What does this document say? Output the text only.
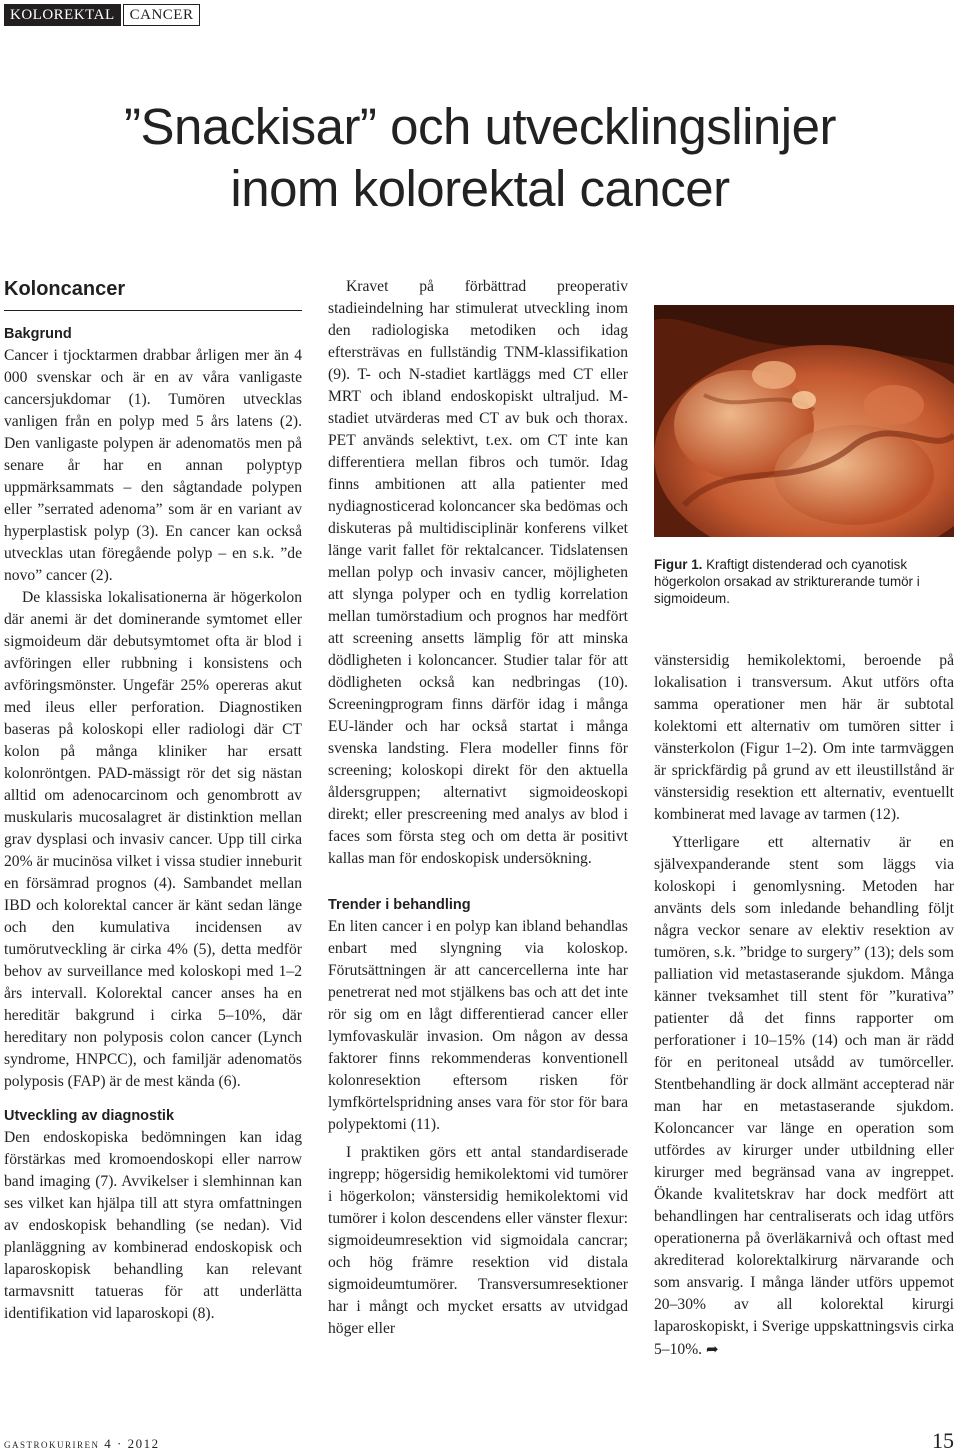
KOLOREKTAL	CANCER
”Snackisar” och utvecklingslinjer
inom kolorektal cancer
Koloncancer

Bakgrund

Cancer i tjocktarmen drabbar årligen mer än 4 000 svenskar och är en av våra vanligaste cancersjukdomar (1). Tumören utvecklas vanligen från en polyp med 5 års latens (2). Den vanligaste polypen är adenomatös men på senare år har en annan polyptyp uppmärksammats – den sågtandade polypen eller ”serrated adenoma” som är en variant av hyperplastisk polyp (3). En cancer kan också utvecklas utan föregående polyp – en s.k. ”de novo” cancer (2).

De klassiska lokalisationerna är högerkolon där anemi är det dominerande symtomet eller sigmoideum där debutsymtomet ofta är blod i avföringen eller rubbning i konsistens och avföringsmönster. Ungefär 25% opereras akut med ileus eller perforation. Diagnostiken baseras på koloskopi eller radiologi där CT kolon på många kliniker har ersatt kolonröntgen. PAD-mässigt rör det sig nästan alltid om adenocarcinom och genombrott av muskularis mucosalagret är distinktion mellan grav dysplasi och invasiv cancer. Upp till cirka 20% är mucinösa vilket i vissa studier inneburit en försämrad prognos (4). Sambandet mellan IBD och kolorektal cancer är känt sedan länge och den kumulativa incidensen av tumörutveckling är cirka 4% (5), detta medför behov av surveillance med koloskopi med 1–2 års intervall. Kolorektal cancer anses ha en hereditär bakgrund i cirka 5–10%, där hereditary non polyposis colon cancer (Lynch syndrome, HNPCC), och familjär adenomatös polyposis (FAP) är de mest kända (6).

Utveckling av diagnostik

Den endoskopiska bedömningen kan idag förstärkas med kromoendoskopi eller narrow band imaging (7). Avvikelser i slemhinnan kan ses vilket kan hjälpa till att styra omfattningen av endoskopisk behandling (se nedan). Vid planläggning av kombinerad endoskopisk och laparoskopisk behandling kan relevant tarmavsnitt tatueras för att underlätta identifikation vid laparoskopi (8).

Kravet på förbättrad preoperativ stadieindelning har stimulerat utveckling inom den radiologiska metodiken och idag eftersträvas en fullständig TNM-klassifikation (9). T- och N-stadiet kartläggs med CT eller MRT och ibland endoskopiskt ultraljud. M-stadiet utvärderas med CT av buk och thorax. PET används selektivt, t.ex. om CT inte kan differentiera mellan fibros och tumör. Idag finns ambitionen att alla patienter med nydiagnosticerad koloncancer ska bedömas och diskuteras på multidisciplinär konferens vilket länge varit fallet för rektalcancer. Tidslatensen mellan polyp och invasiv cancer, möjligheten att slynga polyper och en tydlig korrelation mellan tumörstadium och prognos har medfört att screening ansetts lämplig för att minska dödligheten i koloncancer. Studier talar för att dödligheten också kan nedbringas (10). Screeningprogram finns därför idag i många EU-länder och har också startat i många svenska landsting. Flera modeller finns för screening; koloskopi direkt för den aktuella åldersgruppen; alternativt sigmoideoskopi direkt; eller prescreening med analys av blod i faces som första steg och om detta är positivt kallas man för endoskopisk undersökning.

Trender i behandling

En liten cancer i en polyp kan ibland behandlas enbart med slyngning via koloskop. Förutsättningen är att cancercellerna inte har penetrerat ned mot stjälkens bas och att det inte rör sig om en lågt differentierad cancer eller lymfovaskulär invasion. Om någon av dessa faktorer finns rekommenderas konventionell kolonresektion eftersom risken för lymfkörtelspridning anses vara för stor för bara polypektomi (11).

I praktiken görs ett antal standardiserade ingrepp; högersidig hemikolektomi vid tumörer i högerkolon; vänstersidig hemikolektomi vid tumörer i kolon descendens eller vänster flexur: sigmoideumresektion vid sigmoidala cancrar; och hög främre resektion vid distala sigmoideumtumörer. Transversumresektioner har i mångt och mycket ersatts av utvidgad höger eller

Figur 1. Kraftigt distenderad och cyanotisk högerkolon orsakad av strikturerande tumör i sigmoideum.

vänstersidig hemikolektomi, beroende på lokalisation i transversum. Akut utförs ofta samma operationer men här är subtotal kolektomi ett alternativ om tumören sitter i vänsterkolon (Figur 1–2). Om inte tarmväggen är sprickfärdig på grund av ett ileustillstånd är vänstersidig resektion ett alternativ, eventuellt kombinerat med lavage av tarmen (12).

Ytterligare ett alternativ är en självexpanderande stent som läggs via koloskopi i genomlysning. Metoden har använts dels som inledande behandling följt några veckor senare av elektiv resektion av tumören, s.k. ”bridge to surgery” (13); dels som palliation vid metastaserande sjukdom. Många känner tveksamhet till stent för ”kurativa” patienter då det finns rapporter om perforationer i 10–15% (14) och man är rädd för en peritoneal utsådd av tumörceller. Stentbehandling är dock allmänt accepterad när man har en metastaserande sjukdom. Koloncancer var länge en operation som utfördes av kirurger under utbildning eller kirurger med begränsad vana av ingreppet. Ökande kvalitetskrav har dock medfört att behandlingen har centraliserats och idag utförs operationerna på överläkarnivå och oftast med akrediterad kolorektalkirurg närvarande och som ansvarig. I många länder utförs uppemot 20–30% av all kolorektal kirurgi laparoskopiskt, i Sverige uppskattningsvis cirka 5–10%. ➦

gastrokuriren 4 · 2012	15
